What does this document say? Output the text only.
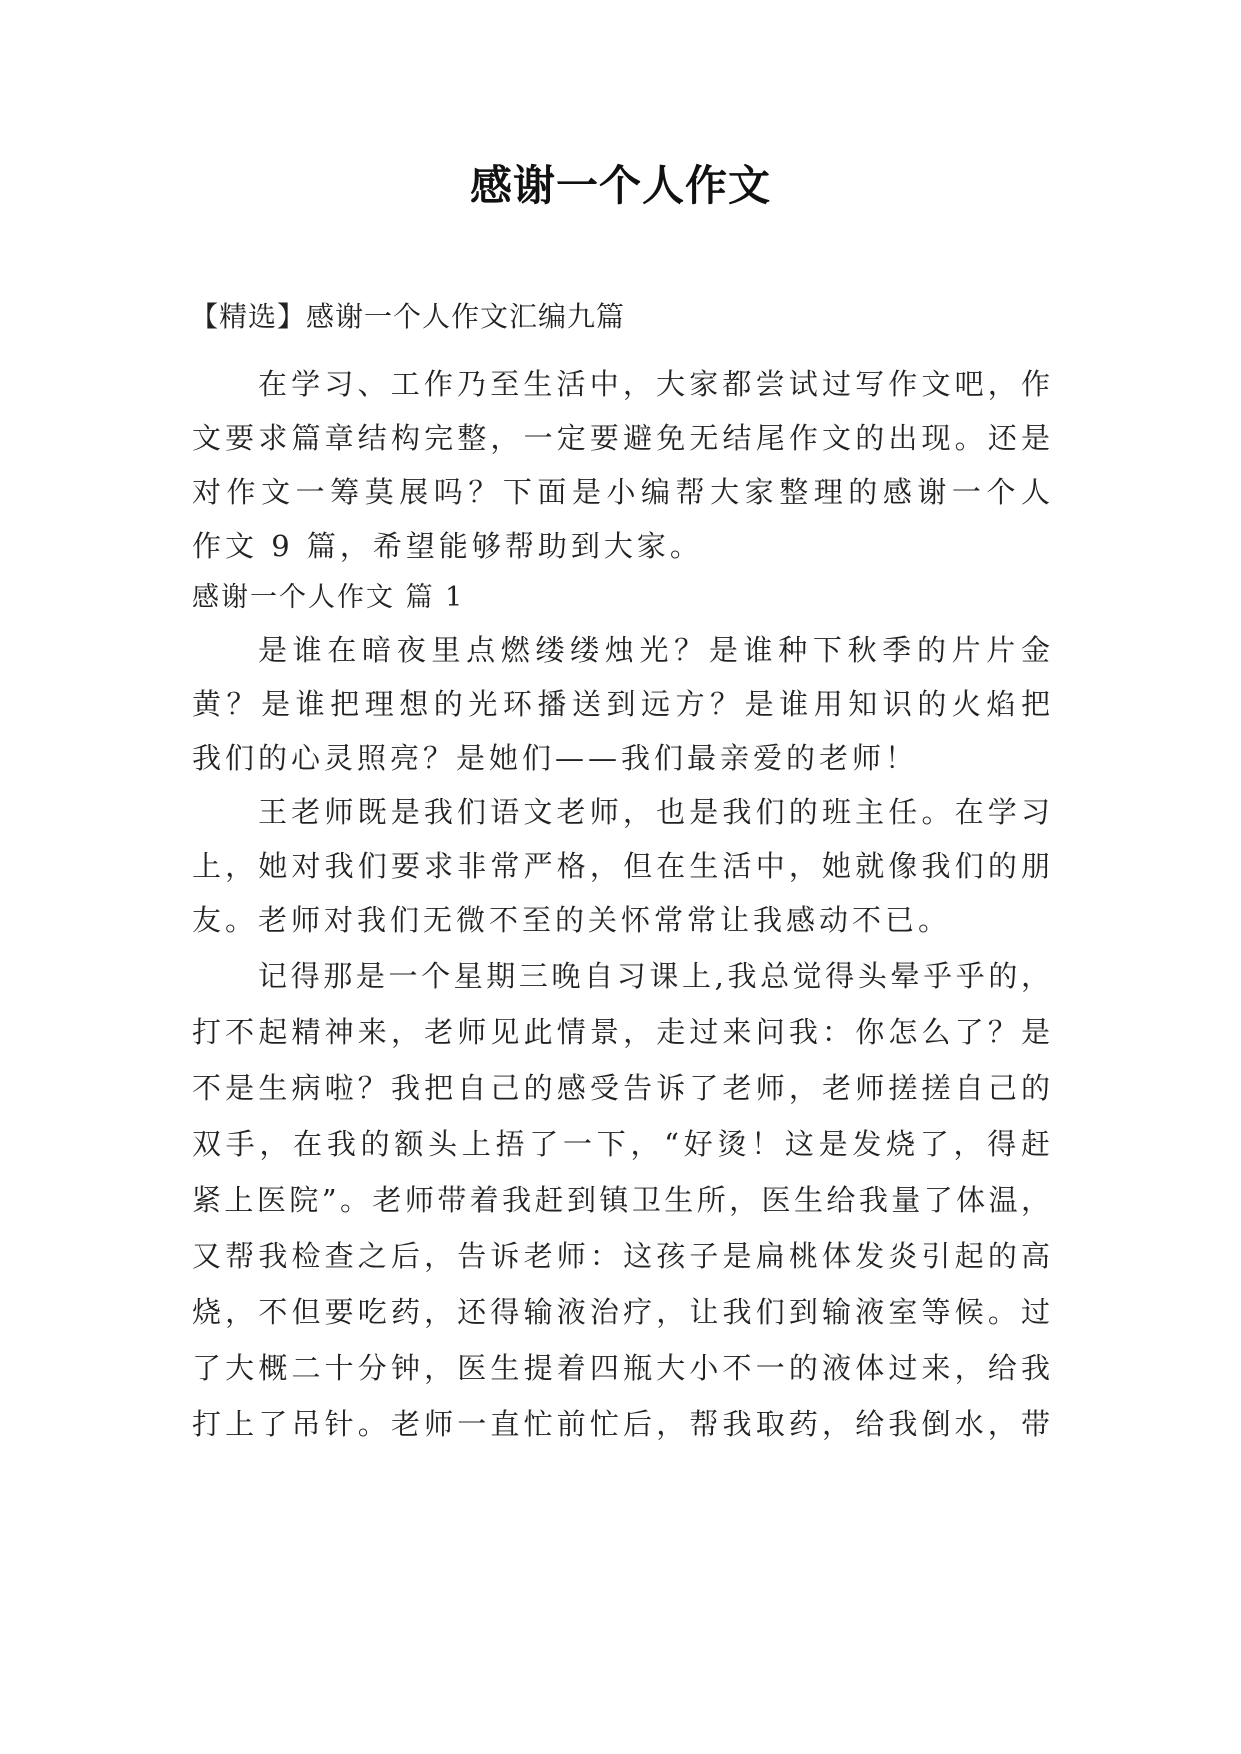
感谢一个人作文
【精选】感谢一个人作文汇编九篇
在学习、工作乃至生活中，大家都尝试过写作文吧，作
文要求篇章结构完整，一定要避免无结尾作文的出现。还是
对作文一筹莫展吗？下面是小编帮大家整理的感谢一个人
作文 9 篇，希望能够帮助到大家。
感谢一个人作文 篇 1
是谁在暗夜里点燃缕缕烛光？是谁种下秋季的片片金
黄？是谁把理想的光环播送到远方？是谁用知识的火焰把
我们的心灵照亮？是她们——我们最亲爱的老师！
王老师既是我们语文老师，也是我们的班主任。在学习
上，她对我们要求非常严格，但在生活中，她就像我们的朋
友。老师对我们无微不至的关怀常常让我感动不已。
记得那是一个星期三晚自习课上,我总觉得头晕乎乎的，
打不起精神来，老师见此情景，走过来问我：你怎么了？是
不是生病啦？我把自己的感受告诉了老师，老师搓搓自己的
双手，在我的额头上捂了一下，“好烫！这是发烧了，得赶
紧上医院”。老师带着我赶到镇卫生所，医生给我量了体温，
又帮我检查之后，告诉老师：这孩子是扁桃体发炎引起的高
烧，不但要吃药，还得输液治疗，让我们到输液室等候。过
了大概二十分钟，医生提着四瓶大小不一的液体过来，给我
打上了吊针。老师一直忙前忙后，帮我取药，给我倒水，带
